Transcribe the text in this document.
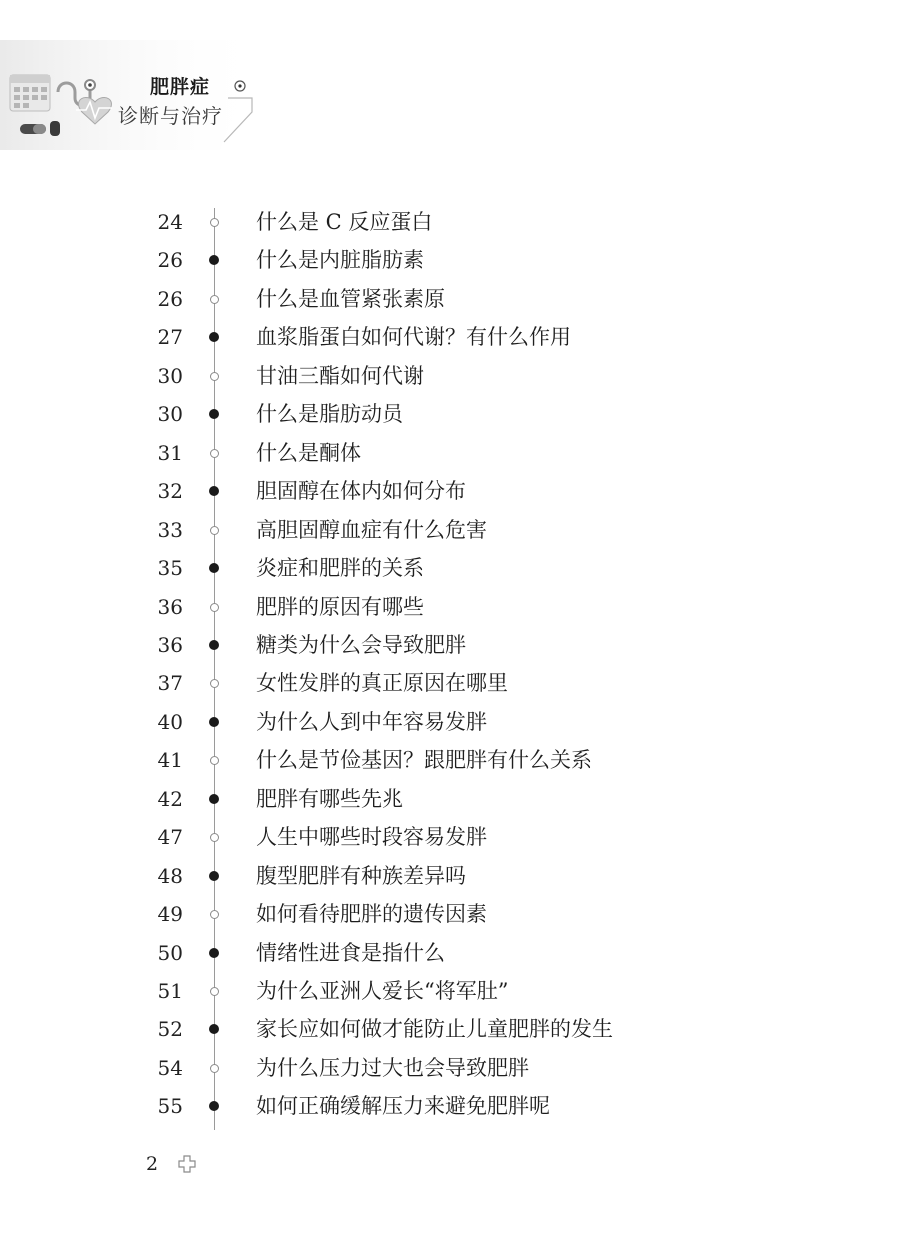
肥胖症
诊断与治疗
24	什么是 C 反应蛋白
26	什么是内脏脂肪素
26	什么是血管紧张素原
27	血浆脂蛋白如何代谢？有什么作用
30	甘油三酯如何代谢
30	什么是脂肪动员
31	什么是酮体
32	胆固醇在体内如何分布
33	高胆固醇血症有什么危害
35	炎症和肥胖的关系
36	肥胖的原因有哪些
36	糖类为什么会导致肥胖
37	女性发胖的真正原因在哪里
40	为什么人到中年容易发胖
41	什么是节俭基因？跟肥胖有什么关系
42	肥胖有哪些先兆
47	人生中哪些时段容易发胖
48	腹型肥胖有种族差异吗
49	如何看待肥胖的遗传因素
50	情绪性进食是指什么
51	为什么亚洲人爱长“将军肚”
52	家长应如何做才能防止儿童肥胖的发生
54	为什么压力过大也会导致肥胖
55	如何正确缓解压力来避免肥胖呢
2
